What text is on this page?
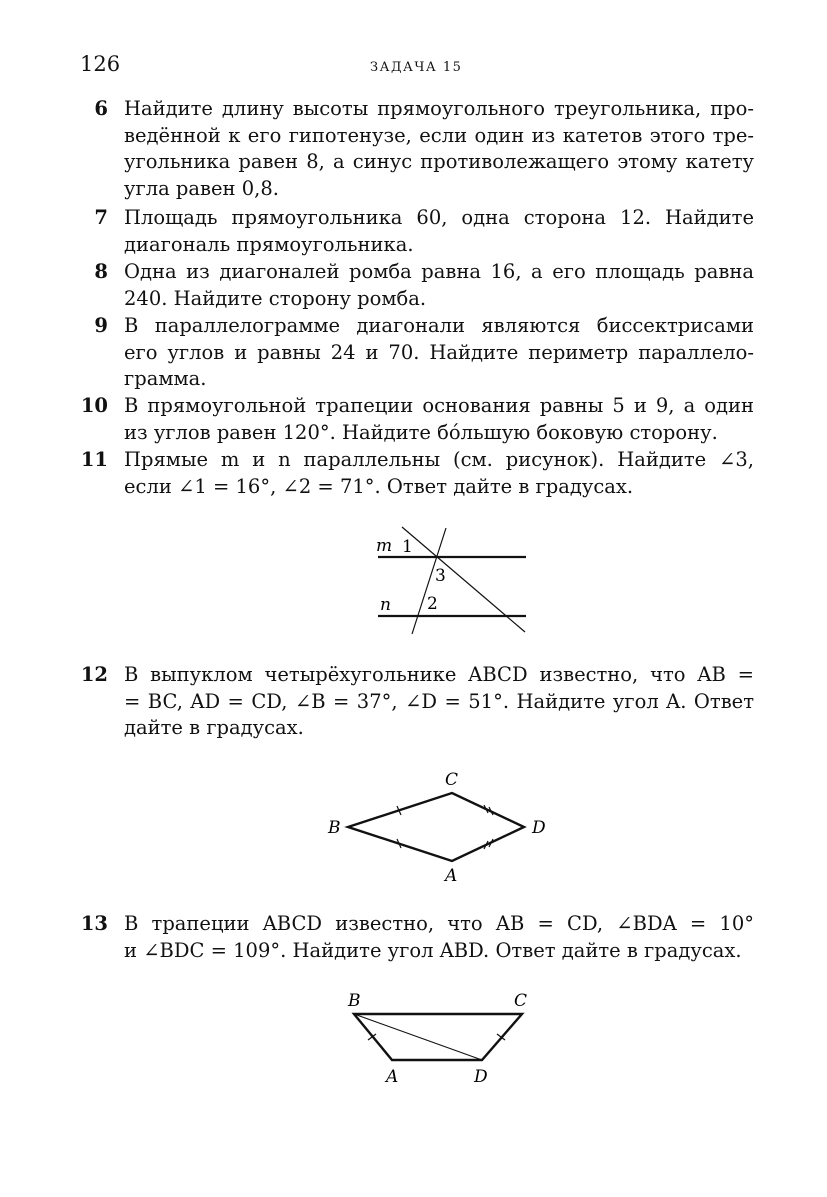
126	ЗАДАЧА 15
6 Найдите длину высоты прямоугольного треугольника, про-
ведённой к его гипотенузе, если один из катетов этого тре-
угольника равен 8, а синус противолежащего этому катету
угла равен 0,8.
7 Площадь прямоугольника 60, одна сторона 12. Найдите
диагональ прямоугольника.
8 Одна из диагоналей ромба равна 16, а его площадь равна
240. Найдите сторону ромба.
9 В параллелограмме диагонали являются биссектрисами
его углов и равны 24 и 70. Найдите периметр параллело-
грамма.
10 В прямоугольной трапеции основания равны 5 и 9, а один
из углов равен 120°. Найдите бóльшую боковую сторону.
11 Прямые m и n параллельны (см. рисунок). Найдите ∠3,
если ∠1 = 16°, ∠2 = 71°. Ответ дайте в градусах.
m
n
1
3
2
12 В выпуклом четырёхугольнике ABCD известно, что AB =
= BC, AD = CD, ∠B = 37°, ∠D = 51°. Найдите угол A. Ответ
дайте в градусах.
B
C
D
A
13 В трапеции ABCD известно, что AB = CD, ∠BDA = 10°
и ∠BDC = 109°. Найдите угол ABD. Ответ дайте в градусах.
B	C
A	D
